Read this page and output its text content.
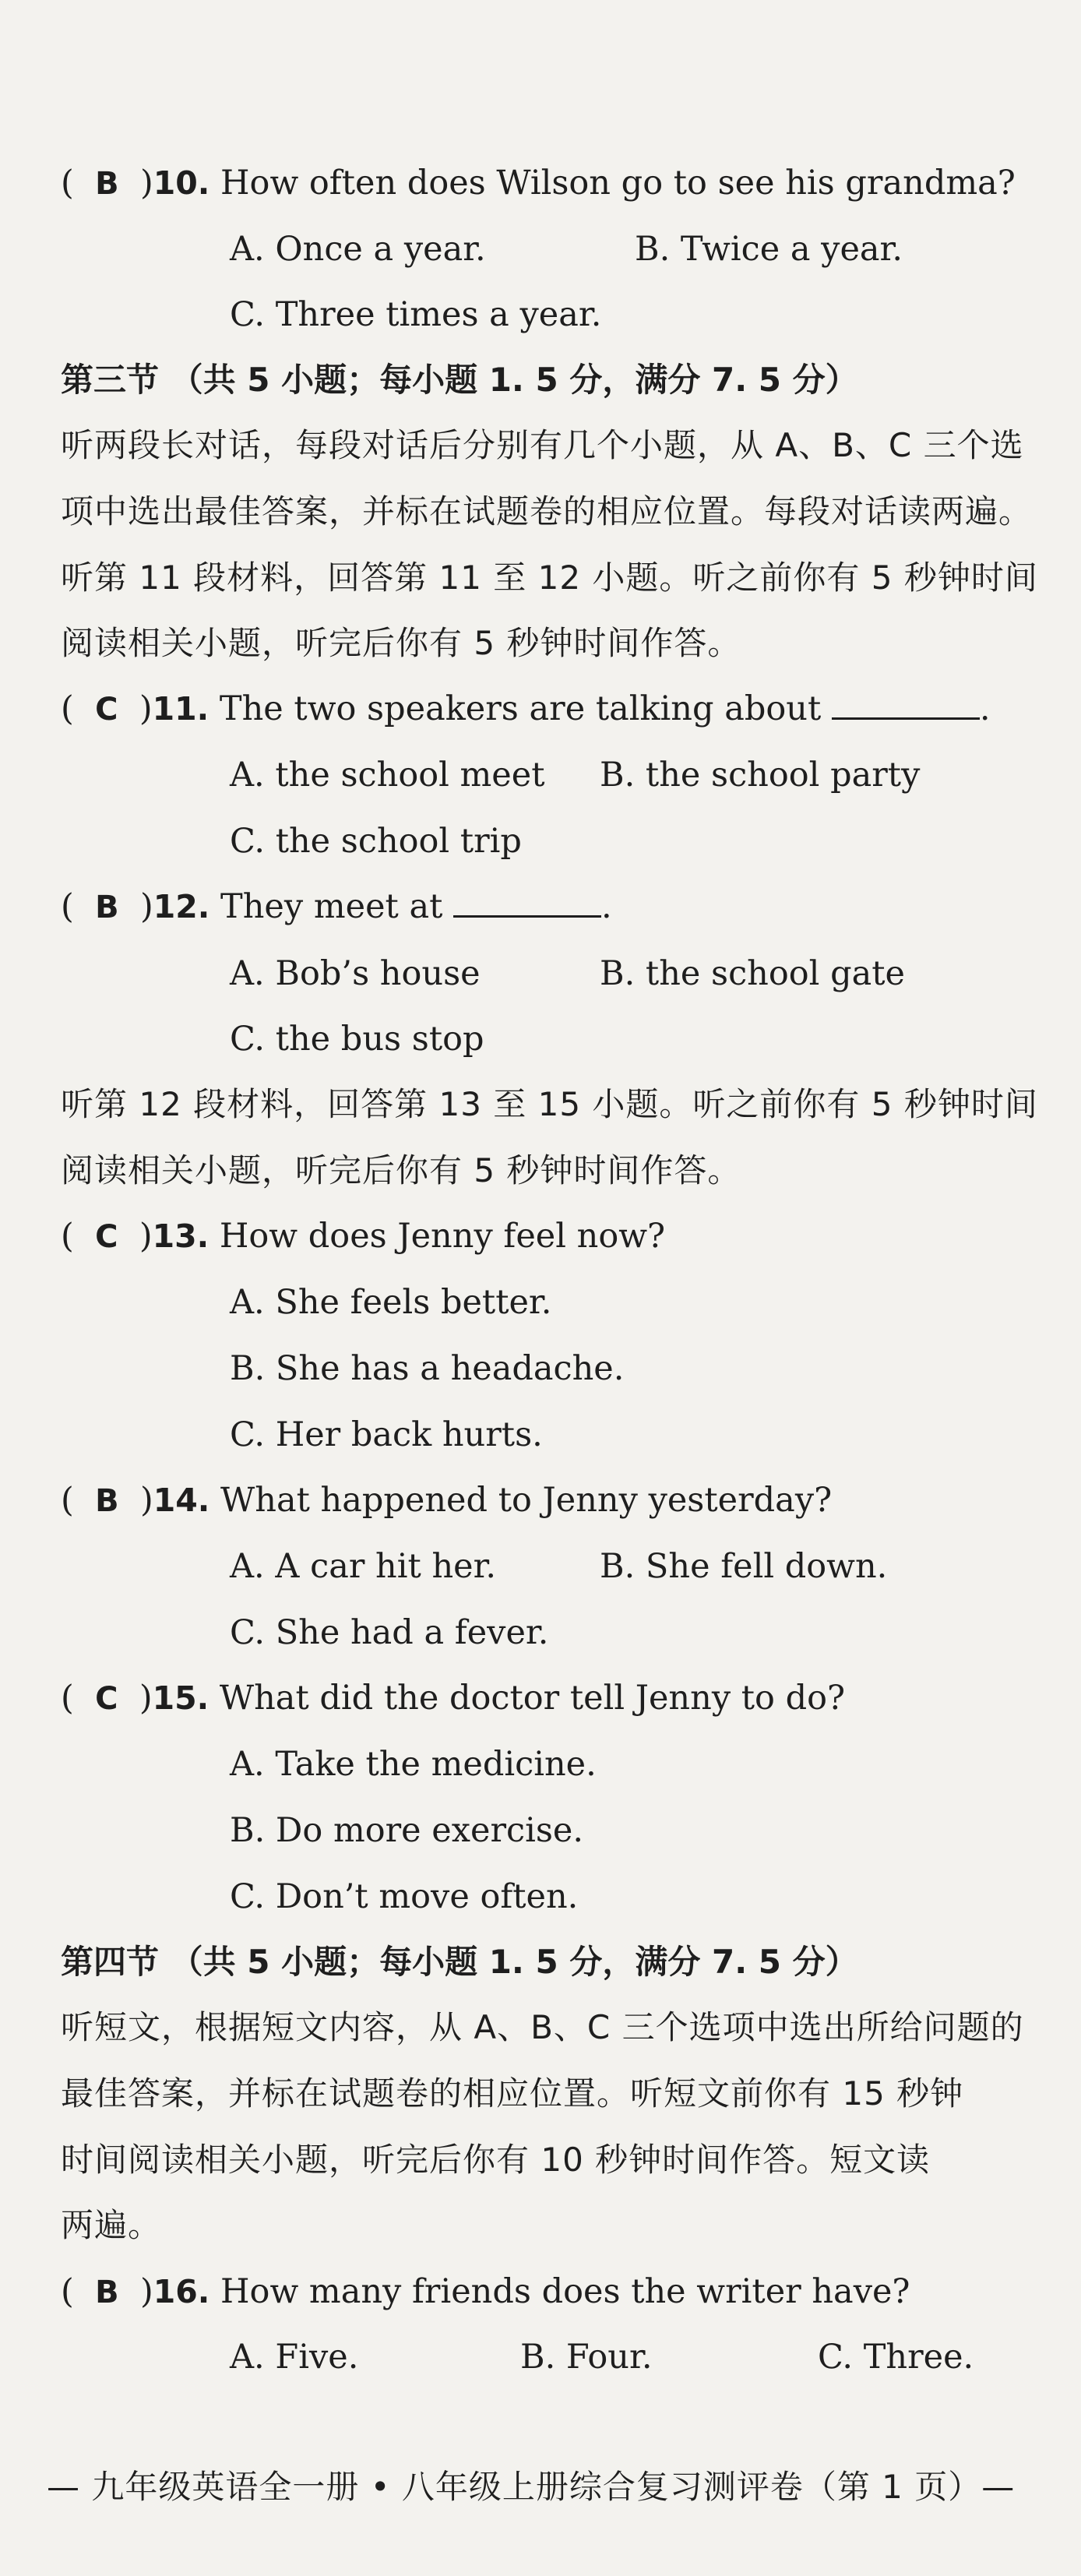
(  B  )10. How often does Wilson go to see his grandma?
A. Once a year.	B. Twice a year.
C. Three times a year.
第三节 （共 5 小题；每小题 1. 5 分，满分 7. 5 分）
听两段长对话，每段对话后分别有几个小题，从 A、B、C 三个选
项中选出最佳答案，并标在试题卷的相应位置。每段对话读两遍。
听第 11 段材料，回答第 11 至 12 小题。听之前你有 5 秒钟时间
阅读相关小题，听完后你有 5 秒钟时间作答。
(  C  )11. The two speakers are talking about	.
A. the school meet B. the school party
C. the school trip
(  B  )12. They meet at	.
A. Bob’s house	B. the school gate
C. the bus stop
听第 12 段材料，回答第 13 至 15 小题。听之前你有 5 秒钟时间
阅读相关小题，听完后你有 5 秒钟时间作答。
(  C  )13. How does Jenny feel now?
A. She feels better.
B. She has a headache.
C. Her back hurts.
(  B  )14. What happened to Jenny yesterday?
A. A car hit her.	B. She fell down.
C. She had a fever.
(  C  )15. What did the doctor tell Jenny to do?
A. Take the medicine.
B. Do more exercise.
C. Don’t move often.
第四节 （共 5 小题；每小题 1. 5 分，满分 7. 5 分）
听短文，根据短文内容，从 A、B、C 三个选项中选出所给问题的
最佳答案，并标在试题卷的相应位置。听短文前你有 15 秒钟
时间阅读相关小题，听完后你有 10 秒钟时间作答。短文读
两遍。
(  B  )16. How many friends does the writer have?
A. Five.	B. Four.	C. Three.
— 九年级英语全一册 • 八年级上册综合复习测评卷（第 1 页）—
